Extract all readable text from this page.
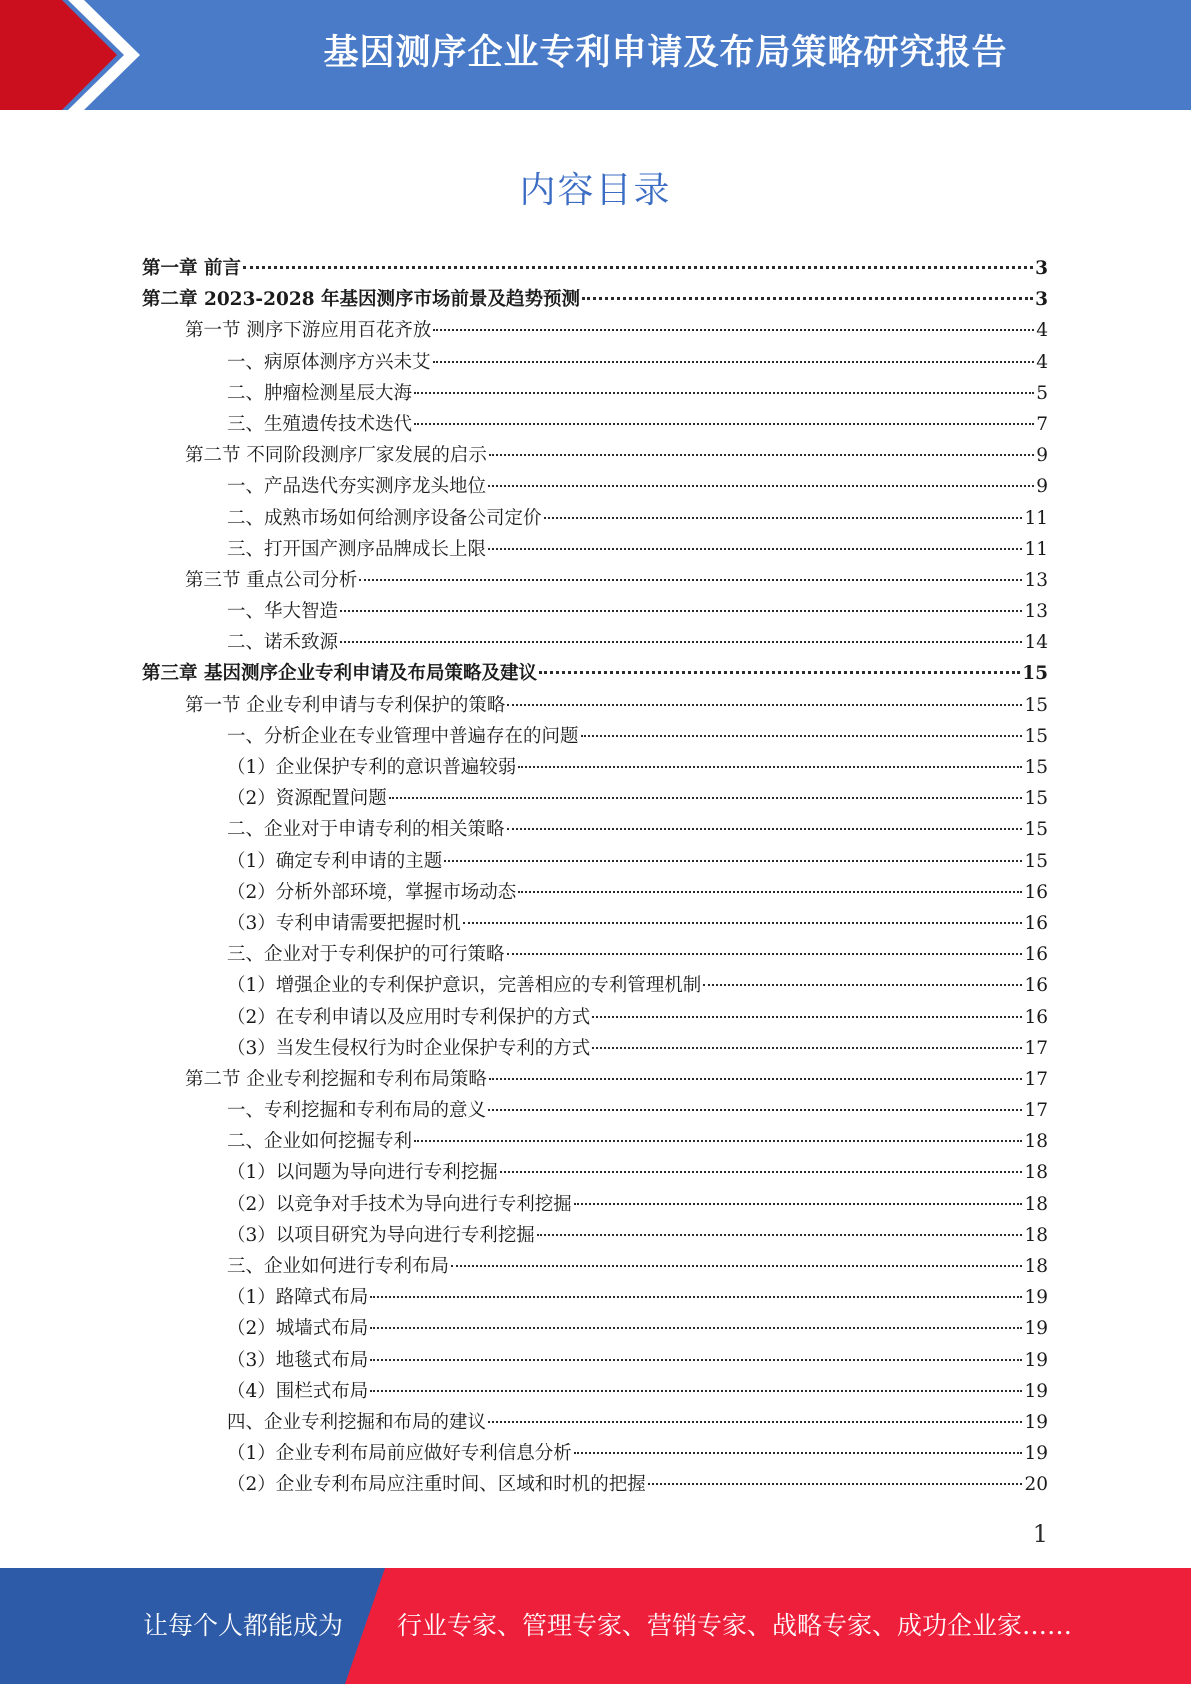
基因测序企业专利申请及布局策略研究报告
内容目录
第一章 前言	3
第二章 2023-2028 年基因测序市场前景及趋势预测	3
第一节 测序下游应用百花齐放	4
一、病原体测序方兴未艾	4
二、肿瘤检测星辰大海	5
三、生殖遗传技术迭代	7
第二节 不同阶段测序厂家发展的启示	9
一、产品迭代夯实测序龙头地位	9
二、成熟市场如何给测序设备公司定价	11
三、打开国产测序品牌成长上限	11
第三节 重点公司分析	13
一、华大智造	13
二、诺禾致源	14
第三章 基因测序企业专利申请及布局策略及建议	15
第一节 企业专利申请与专利保护的策略	15
一、分析企业在专业管理中普遍存在的问题	15
（1）企业保护专利的意识普遍较弱	15
（2）资源配置问题	15
二、企业对于申请专利的相关策略	15
（1）确定专利申请的主题	15
（2）分析外部环境，掌握市场动态	16
（3）专利申请需要把握时机	16
三、企业对于专利保护的可行策略	16
（1）增强企业的专利保护意识，完善相应的专利管理机制	16
（2）在专利申请以及应用时专利保护的方式	16
（3）当发生侵权行为时企业保护专利的方式	17
第二节 企业专利挖掘和专利布局策略	17
一、专利挖掘和专利布局的意义	17
二、企业如何挖掘专利	18
（1）以问题为导向进行专利挖掘	18
（2）以竞争对手技术为导向进行专利挖掘	18
（3）以项目研究为导向进行专利挖掘	18
三、企业如何进行专利布局	18
（1）路障式布局	19
（2）城墙式布局	19
（3）地毯式布局	19
（4）围栏式布局	19
四、企业专利挖掘和布局的建议	19
（1）企业专利布局前应做好专利信息分析	19
（2）企业专利布局应注重时间、区域和时机的把握	20
1
让每个人都能成为 行业专家、管理专家、营销专家、战略专家、成功企业家……
